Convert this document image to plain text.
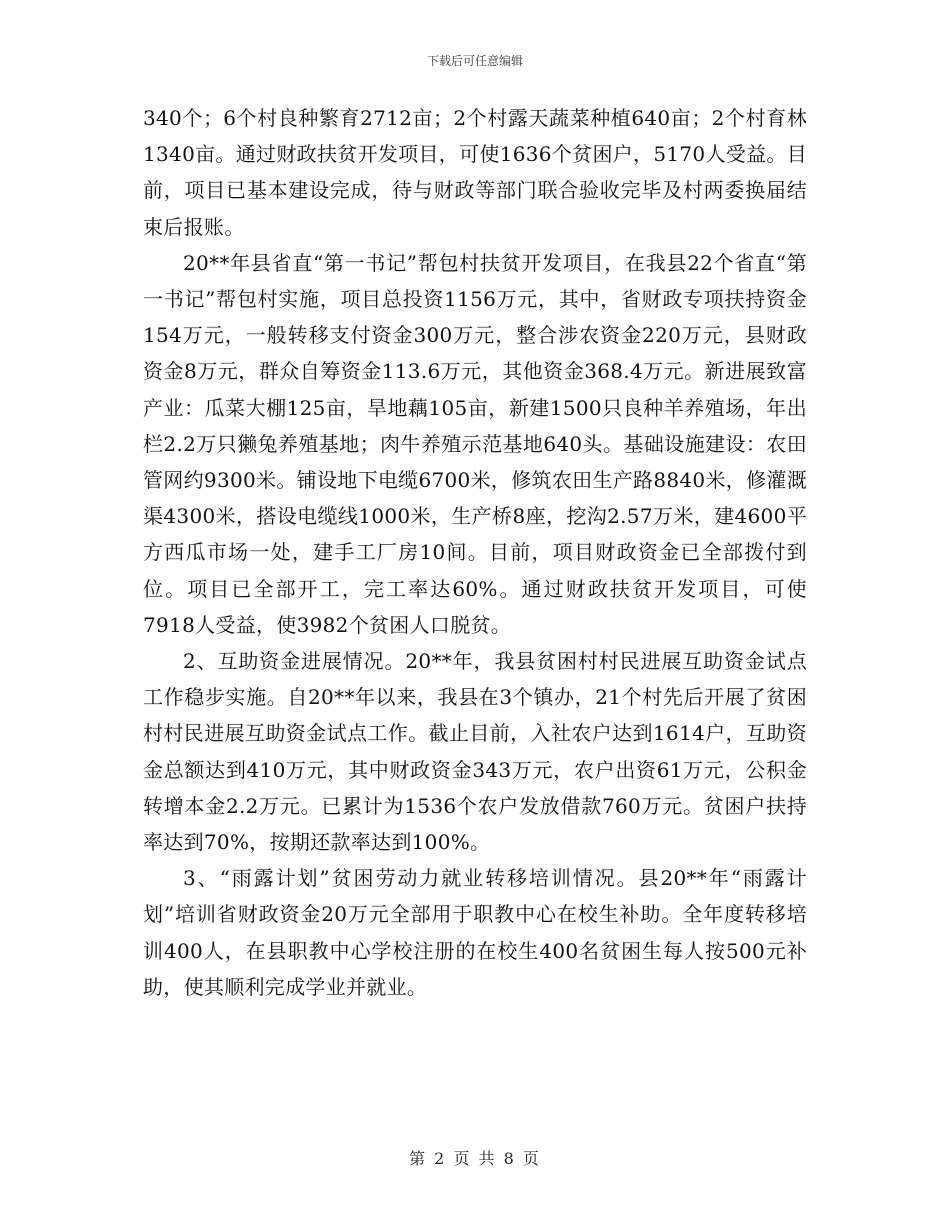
下载后可任意编辑

340个；6个村良种繁育2712亩；2个村露天蔬菜种植640亩；2个村育林1340亩。通过财政扶贫开发项目，可使1636个贫困户，5170人受益。目前，项目已基本建设完成，待与财政等部门联合验收完毕及村两委换届结束后报账。

20**年县省直“第一书记”帮包村扶贫开发项目，在我县22个省直“第一书记”帮包村实施，项目总投资1156万元，其中，省财政专项扶持资金154万元，一般转移支付资金300万元，整合涉农资金220万元，县财政资金8万元，群众自筹资金113.6万元，其他资金368.4万元。新进展致富产业：瓜菜大棚125亩，旱地藕105亩，新建1500只良种羊养殖场，年出栏2.2万只獭兔养殖基地；肉牛养殖示范基地640头。基础设施建设：农田管网约9300米。铺设地下电缆6700米，修筑农田生产路8840米，修灌溉渠4300米，搭设电缆线1000米，生产桥8座，挖沟2.57万米，建4600平方西瓜市场一处，建手工厂房10间。目前，项目财政资金已全部拨付到位。项目已全部开工，完工率达60%。通过财政扶贫开发项目，可使7918人受益，使3982个贫困人口脱贫。

2、互助资金进展情况。20**年，我县贫困村村民进展互助资金试点工作稳步实施。自20**年以来，我县在3个镇办，21个村先后开展了贫困村村民进展互助资金试点工作。截止目前，入社农户达到1614户，互助资金总额达到410万元，其中财政资金343万元，农户出资61万元，公积金转增本金2.2万元。已累计为1536个农户发放借款760万元。贫困户扶持率达到70%，按期还款率达到100%。

3、“雨露计划”贫困劳动力就业转移培训情况。县20**年“雨露计划”培训省财政资金20万元全部用于职教中心在校生补助。全年度转移培训400人，在县职教中心学校注册的在校生400名贫困生每人按500元补助，使其顺利完成学业并就业。

第 2 页 共 8 页
